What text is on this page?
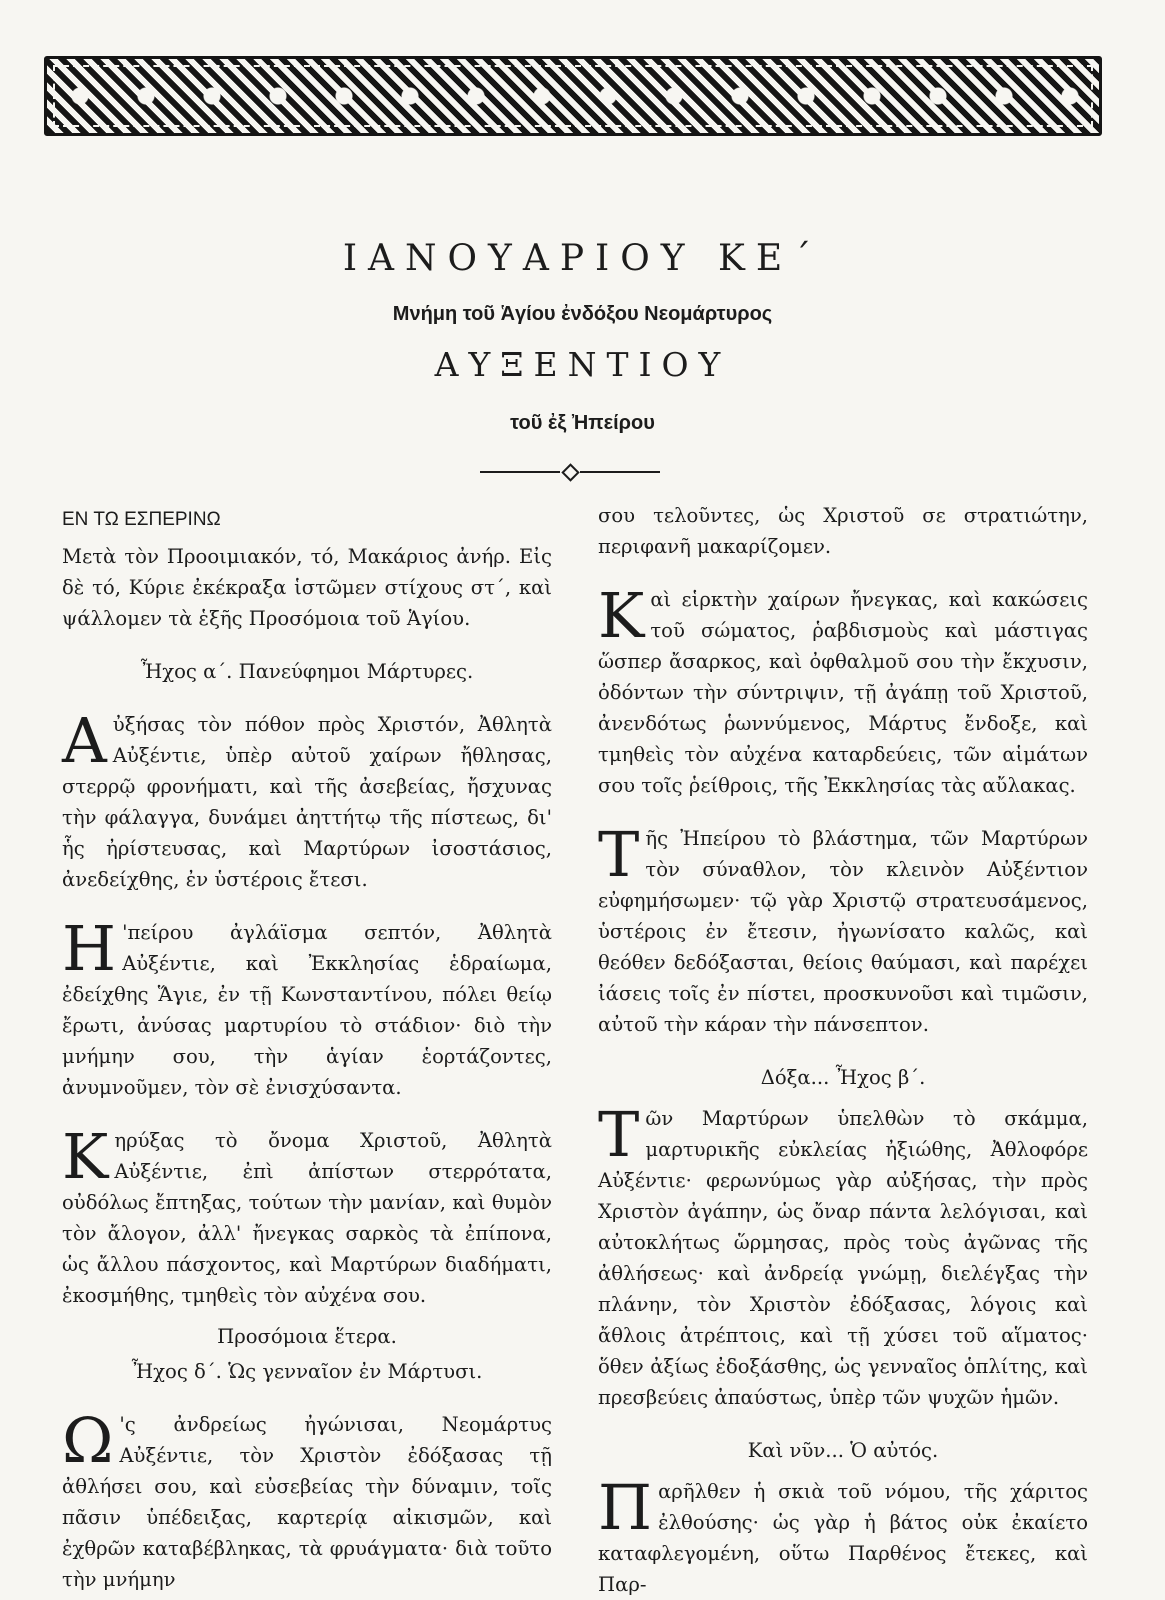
ΙΑΝΟΥΑΡΙΟΥ ΚΕ΄

Μνήμη τοῦ Ἁγίου ἐνδόξου Νεομάρτυρος

ΑΥΞΕΝΤΙΟΥ

τοῦ ἐξ Ἠπείρου

ΕΝ ΤΩ ΕΣΠΕΡΙΝΩ

Μετὰ τὸν Προοιμιακόν, τό, Μακάριος ἀνήρ. Εἰς δὲ τό, Κύριε ἐκέκραξα ἱστῶμεν στίχους στ΄, καὶ ψάλλομεν τὰ ἑξῆς Προσόμοια τοῦ Ἁγίου.

Ἦχος α΄. Πανεύφημοι Μάρτυρες.

Α ὐξήσας τὸν πόθον πρὸς Χριστόν, Ἀθλητὰ Αὐξέντιε, ὑπὲρ αὐτοῦ χαίρων ἤθλησας, στερρῷ φρονήματι, καὶ τῆς ἀσεβείας, ἤσχυνας τὴν φάλαγγα, δυνάμει ἀηττήτῳ τῆς πίστεως, δι' ἧς ἠρίστευσας, καὶ Μαρτύρων ἰσοστάσιος, ἀνεδείχθης, ἐν ὑστέροις ἔτεσι.

Η 'πείρου ἀγλάϊσμα σεπτόν, Ἀθλητὰ Αὐξέντιε, καὶ Ἐκκλησίας ἑδραίωμα, ἐδείχθης Ἅγιε, ἐν τῇ Κωνσταντίνου, πόλει θείῳ ἔρωτι, ἀνύσας μαρτυρίου τὸ στάδιον· διὸ τὴν μνήμην σου, τὴν ἁγίαν ἑορτάζοντες, ἀνυμνοῦμεν, τὸν σὲ ἐνισχύσαντα.

Κ ηρύξας τὸ ὄνομα Χριστοῦ, Ἀθλητὰ Αὐξέντιε, ἐπὶ ἀπίστων στερρότατα, οὐδόλως ἔπτηξας, τούτων τὴν μανίαν, καὶ θυμὸν τὸν ἄλογον, ἀλλ' ἤνεγκας σαρκὸς τὰ ἐπίπονα, ὡς ἄλλου πάσχοντος, καὶ Μαρτύρων διαδήματι, ἐκοσμήθης, τμηθεὶς τὸν αὐχένα σου.

Προσόμοια ἕτερα.

Ἦχος δ΄. Ὡς γενναῖον ἐν Μάρτυσι.

Ω 'ς ἀνδρείως ἠγώνισαι, Νεομάρτυς Αὐξέντιε, τὸν Χριστὸν ἐδόξασας τῇ ἀθλήσει σου, καὶ εὐσεβείας τὴν δύναμιν, τοῖς πᾶσιν ὑπέδειξας, καρτερίᾳ αἰκισμῶν, καὶ ἐχθρῶν καταβέβληκας, τὰ φρυάγματα· διὰ τοῦτο τὴν μνήμην

σου τελοῦντες, ὡς Χριστοῦ σε στρατιώτην, περιφανῆ μακαρίζομεν.

Κ αὶ εἱρκτὴν χαίρων ἤνεγκας, καὶ κακώσεις τοῦ σώματος, ῥαβδισμοὺς καὶ μάστιγας ὥσπερ ἄσαρκος, καὶ ὀφθαλμοῦ σου τὴν ἔκχυσιν, ὀδόντων τὴν σύντριψιν, τῇ ἀγάπῃ τοῦ Χριστοῦ, ἀνενδότως ῥωννύμενος, Μάρτυς ἔνδοξε, καὶ τμηθεὶς τὸν αὐχένα καταρδεύεις, τῶν αἱμάτων σου τοῖς ῥείθροις, τῆς Ἐκκλησίας τὰς αὔλακας.

Τ ῆς Ἠπείρου τὸ βλάστημα, τῶν Μαρτύρων τὸν σύναθλον, τὸν κλεινὸν Αὐξέντιον εὐφημήσωμεν· τῷ γὰρ Χριστῷ στρατευσάμενος, ὑστέροις ἐν ἔτεσιν, ἠγωνίσατο καλῶς, καὶ θεόθεν δεδόξασται, θείοις θαύμασι, καὶ παρέχει ἰάσεις τοῖς ἐν πίστει, προσκυνοῦσι καὶ τιμῶσιν, αὐτοῦ τὴν κάραν τὴν πάνσεπτον.

Δόξα... Ἦχος β΄.

Τ ῶν Μαρτύρων ὑπελθὼν τὸ σκάμμα, μαρτυρικῆς εὐκλείας ἠξιώθης, Ἀθλοφόρε Αὐξέντιε· φερωνύμως γὰρ αὐξήσας, τὴν πρὸς Χριστὸν ἀγάπην, ὡς ὄναρ πάντα λελόγισαι, καὶ αὐτοκλήτως ὥρμησας, πρὸς τοὺς ἀγῶνας τῆς ἀθλήσεως· καὶ ἀνδρείᾳ γνώμῃ, διελέγξας τὴν πλάνην, τὸν Χριστὸν ἐδόξασας, λόγοις καὶ ἄθλοις ἀτρέπτοις, καὶ τῇ χύσει τοῦ αἵματος· ὅθεν ἀξίως ἐδοξάσθης, ὡς γενναῖος ὁπλίτης, καὶ πρεσβεύεις ἀπαύστως, ὑπὲρ τῶν ψυχῶν ἡμῶν.

Καὶ νῦν... Ὁ αὐτός.

Π αρῆλθεν ἡ σκιὰ τοῦ νόμου, τῆς χάριτος ἐλθούσης· ὡς γὰρ ἡ βάτος οὐκ ἐκαίετο καταφλεγομένη, οὕτω Παρθένος ἔτεκες, καὶ Παρ-
